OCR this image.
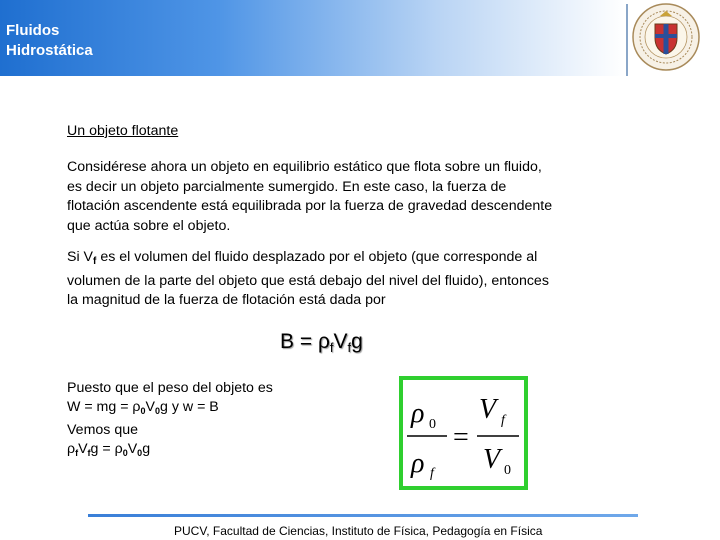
Fluidos
Hidrostática
Un objeto flotante
Considérese ahora un objeto en equilibrio estático que flota sobre un fluido,
es decir un objeto parcialmente sumergido. En este caso, la fuerza de
flotación ascendente está equilibrada por la fuerza de gravedad descendente
que actúa sobre el objeto.
Si $V_f$ es el volumen del fluido desplazado por el objeto (que corresponde al
volumen de la parte del objeto que está debajo del nivel del fluido), entonces
la magnitud de la fuerza de flotación está dada por
$B = \rho_fV_fg$
Puesto que el peso del objeto es
W = mg = $\rho_0V_0g$ y w = B
Vemos que
$\rho_fV_fg = \rho_0V_0g$
ρ 0
ρ f
V f
V 0
=
PUCV, Facultad de Ciencias, Instituto de Física, Pedagogía en Física
